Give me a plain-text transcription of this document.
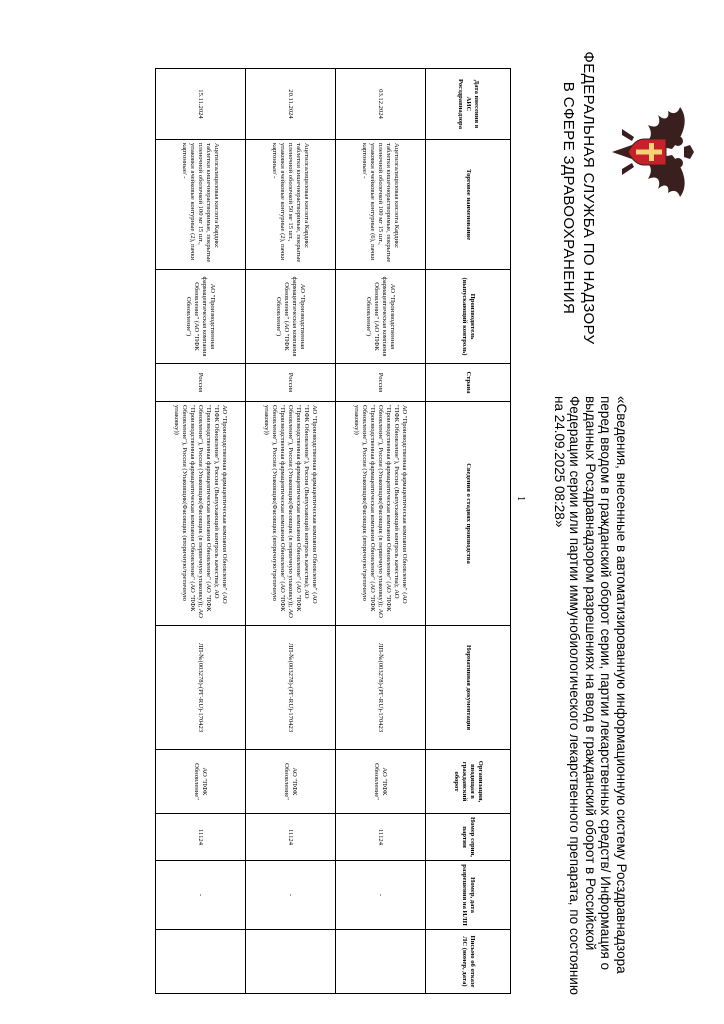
ФЕДЕРАЛЬНАЯ СЛУЖБА ПО НАДЗОРУ
В СФЕРЕ ЗДРАВООХРАНЕНИЯ
«Сведения, внесенные в автоматизированную информационную систему Росздравнадзора перед вводом в гражданский оборот серии, партии лекарственных средств/ Информация о выданных Росздравнадзором разрешениях на ввод в гражданский оборот в Российской Федерации серии или партии иммунобиологического лекарственного препарата, по состоянию на 24.09.2025 08:28»
Дата внесения в АИС Росздравнадзора	Торговое наименование	Производитель (выпускающий контроль)	Страна	Сведения о стадиях производства	Нормативная документация	Организация, вводящая в гражданский оборот	Номер серии, партии	Номер, дата разрешения на ИЛП	Письмо об отказе ЛС (номер, дата)
03.12.2024	Ацетилсалициловая кислота Кардикс таблетки кишечнорастворимые, покрытые пленочной оболочкой 100 мг 15 шт., упаковки ячейковые контурные (6), пачки картонные/ -	АО "Производственная фармацевтическая компания Обновление" (АО "ПФК Обновление")	Россия	АО "Производственная фармацевтическая компания Обновление" (АО "ПФК Обновление"), Россия (Выпускающий контроль качества); АО "Производственная фармацевтическая компания Обновление" (АО "ПФК Обновление"), Россия (Упаковщик(Фасовщик (в первичную упаковку)); АО "Производственная фармацевтическая компания Обновление" (АО "ПФК Обновление"), Россия (Упаковщик(Фасовщик (вторичную/третичную упаковку))	ЛП-№(003278)-(РГ-RU)-170423	АО "ПФК Обновление"	11124	-	
20.11.2024	Ацетилсалициловая кислота Кардикс таблетки кишечнорастворимые, покрытые пленочной оболочкой 50 мг 15 шт., упаковки ячейковые контурные (2), пачки картонные/ -	АО "Производственная фармацевтическая компания Обновление" (АО "ПФК Обновление")	Россия	АО "Производственная фармацевтическая компания Обновление" (АО "ПФК Обновление"), Россия (Выпускающий контроль качества); АО "Производственная фармацевтическая компания Обновление" (АО "ПФК Обновление"), Россия (Упаковщик(Фасовщик (в первичную упаковку)); АО "Производственная фармацевтическая компания Обновление" (АО "ПФК Обновление"), Россия (Упаковщик(Фасовщик (вторичную/третичную упаковку))	ЛП-№(003278)-(РГ-RU)-170423	АО "ПФК Обновление"	11124	-	
15.11.2024	Ацетилсалициловая кислота Кардикс таблетки кишечнорастворимые, покрытые пленочной оболочкой 100 мг 15 шт., упаковки ячейковые контурные (2), пачки картонные/ -	АО "Производственная фармацевтическая компания Обновление" (АО "ПФК Обновление")	Россия	АО "Производственная фармацевтическая компания Обновление" (АО "ПФК Обновление"), Россия (Выпускающий контроль качества); АО "Производственная фармацевтическая компания Обновление" (АО "ПФК Обновление"), Россия (Упаковщик(Фасовщик (в первичную упаковку)); АО "Производственная фармацевтическая компания Обновление" (АО "ПФК Обновление"), Россия (Упаковщик(Фасовщик (вторичную/третичную упаковку))	ЛП-№(003278)-(РГ-RU)-170423	АО "ПФК Обновление"	11124	-	
1
